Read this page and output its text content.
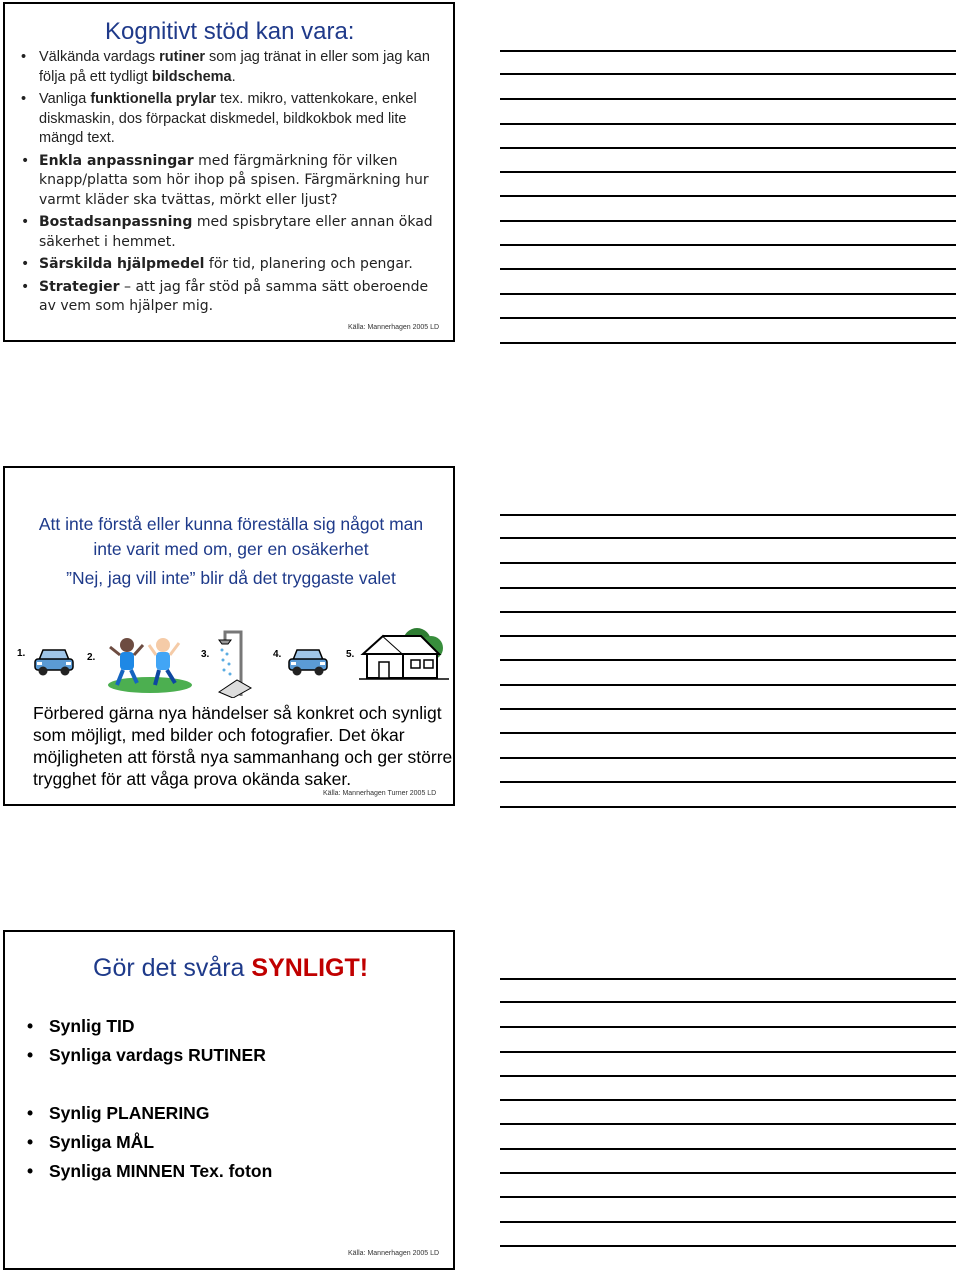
Kognitivt stöd kan vara:
• Välkända vardags rutiner som jag tränat in eller som jag kan följa på ett tydligt bildschema.
• Vanliga funktionella prylar tex. mikro, vattenkokare, enkel diskmaskin, dos förpackat diskmedel, bildkokbok med lite mängd text.
• Enkla anpassningar med färgmärkning för vilken knapp/platta som hör ihop på spisen. Färgmärkning hur varmt kläder ska tvättas, mörkt eller ljust?
• Bostadsanpassning med spisbrytare eller annan ökad säkerhet i hemmet.
• Särskilda hjälpmedel för tid, planering och pengar.
• Strategier – att jag får stöd på samma sätt oberoende av vem som hjälper mig.
Källa: Mannerhagen 2005 LD
Att inte förstå eller kunna föreställa sig något man
inte varit med om, ger en osäkerhet
”Nej, jag vill inte” blir då det tryggaste valet
1.	2.	3.	4.	5.
Förbered gärna nya händelser så konkret och synligt som möjligt, med bilder och fotografier. Det ökar möjligheten att förstå nya sammanhang och ger större trygghet för att våga prova okända saker.
Källa: Mannerhagen Turner 2005 LD
Gör det svåra SYNLIGT!
• Synlig TID
• Synliga vardags RUTINER
• Synlig PLANERING
• Synliga MÅL
• Synliga MINNEN Tex. foton
Källa: Mannerhagen 2005 LD
